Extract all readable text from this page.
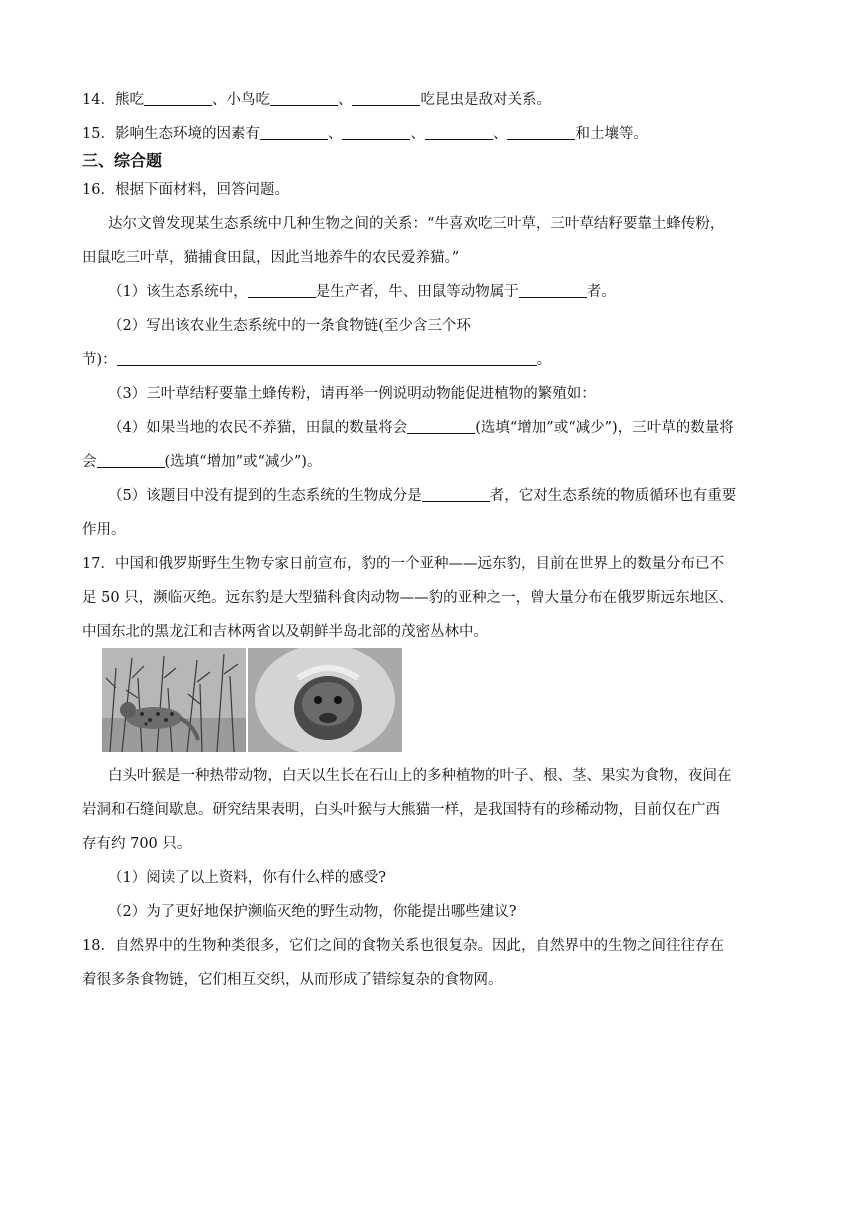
14．熊吃	、小鸟吃	、	吃昆虫是敌对关系。
15．影响生态环境的因素有	、	、	、	和土壤等。
三、综合题
16．根据下面材料，回答问题。
达尔文曾发现某生态系统中几种生物之间的关系：“牛喜欢吃三叶草，三叶草结籽要靠土蜂传粉，
田鼠吃三叶草，猫捕食田鼠，因此当地养牛的农民爱养猫。”
（1）该生态系统中，	是生产者，牛、田鼠等动物属于	者。
（2）写出该农业生态系统中的一条食物链(至少含三个环
节)：	。
（3）三叶草结籽要靠土蜂传粉，请再举一例说明动物能促进植物的繁殖如：
（4）如果当地的农民不养猫，田鼠的数量将会	(选填“增加”或“减少”)，三叶草的数量将
会	(选填“增加”或“减少”)。
（5）该题目中没有提到的生态系统的生物成分是	者，它对生态系统的物质循环也有重要
作用。
17．中国和俄罗斯野生生物专家日前宣布，豹的一个亚种——远东豹，目前在世界上的数量分布已不
足 50 只，濒临灭绝。远东豹是大型猫科食肉动物——豹的亚种之一，曾大量分布在俄罗斯远东地区、
中国东北的黑龙江和吉林两省以及朝鲜半岛北部的茂密丛林中。
白头叶猴是一种热带动物，白天以生长在石山上的多种植物的叶子、根、茎、果实为食物，夜间在
岩洞和石缝间歇息。研究结果表明，白头叶猴与大熊猫一样，是我国特有的珍稀动物，目前仅在广西
存有约 700 只。
（1）阅读了以上资料，你有什么样的感受?
（2）为了更好地保护濒临灭绝的野生动物，你能提出哪些建议?
18．自然界中的生物种类很多，它们之间的食物关系也很复杂。因此，自然界中的生物之间往往存在
着很多条食物链，它们相互交织，从而形成了错综复杂的食物网。
